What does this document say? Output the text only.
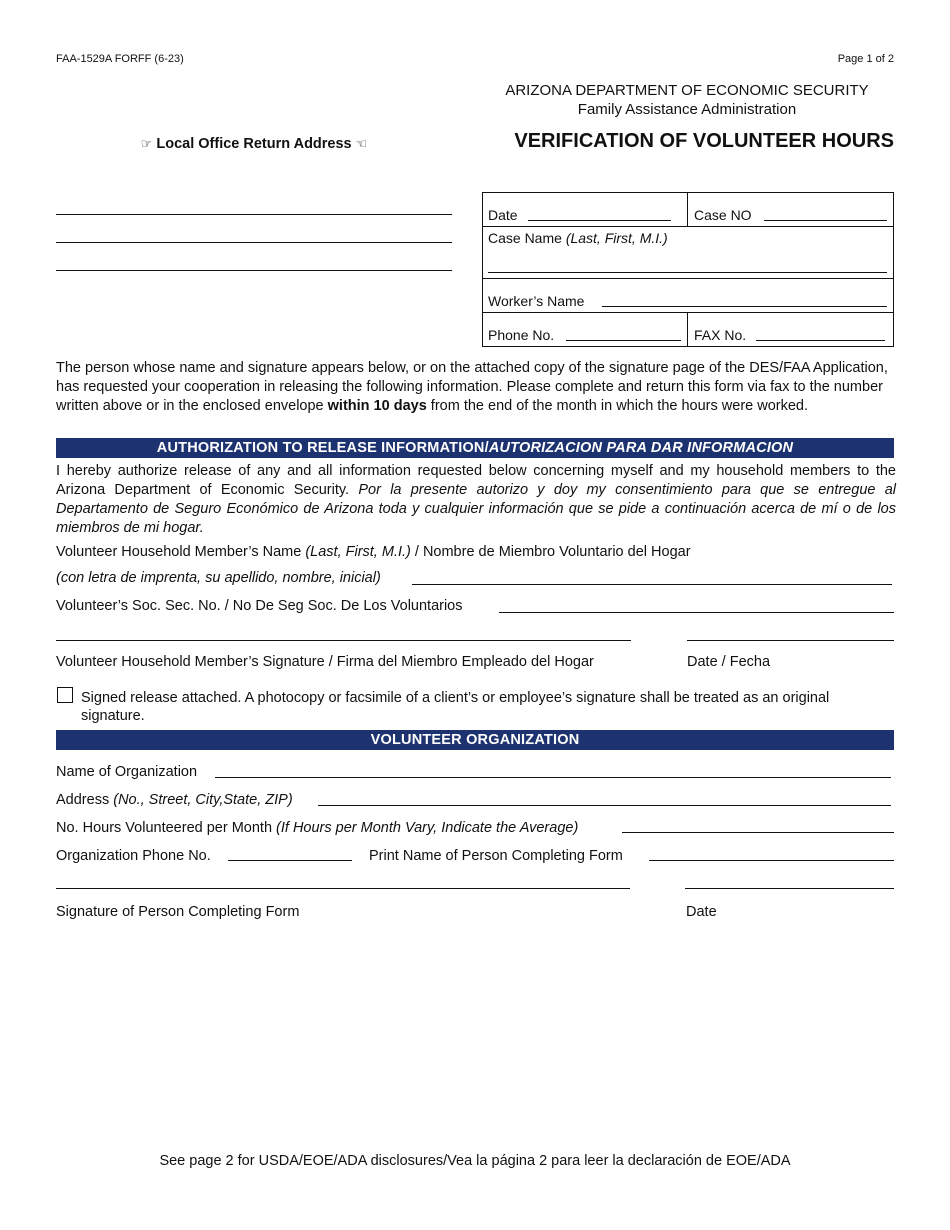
FAA-1529A FORFF (6-23)	Page 1 of 2
ARIZONA DEPARTMENT OF ECONOMIC SECURITY
Family Assistance Administration
VERIFICATION OF VOLUNTEER HOURS
☞ Local Office Return Address ☜
Date	Case NO
Case Name (Last, First, M.I.)
Worker’s Name
Phone No.	FAX No.
The person whose name and signature appears below, or on the attached copy of the signature page of the DES/FAA Application, has requested your cooperation in releasing the following information. Please complete and return this form via fax to the number written above or in the enclosed envelope within 10 days from the end of the month in which the hours were worked.
AUTHORIZATION TO RELEASE INFORMATION/AUTORIZACION PARA DAR INFORMACION
I hereby authorize release of any and all information requested below concerning myself and my household members to the Arizona Department of Economic Security. Por la presente autorizo y doy my consentimiento para que se entregue al Departamento de Seguro Económico de Arizona toda y cualquier información que se pide a continuación acerca de mí o de los miembros de mi hogar.
Volunteer Household Member’s Name (Last, First, M.I.) / Nombre de Miembro Voluntario del Hogar
(con letra de imprenta, su apellido, nombre, inicial)
Volunteer’s Soc. Sec. No. / No De Seg Soc. De Los Voluntarios
Volunteer Household Member’s Signature / Firma del Miembro Empleado del Hogar	Date / Fecha
Signed release attached. A photocopy or facsimile of a client’s or employee’s signature shall be treated as an original signature.
VOLUNTEER ORGANIZATION
Name of Organization
Address (No., Street, City,State, ZIP)
No. Hours Volunteered per Month (If Hours per Month Vary, Indicate the Average)
Organization Phone No.	Print Name of Person Completing Form
Signature of Person Completing Form	Date
See page 2 for USDA/EOE/ADA disclosures/Vea la página 2 para leer la declaración de EOE/ADA
